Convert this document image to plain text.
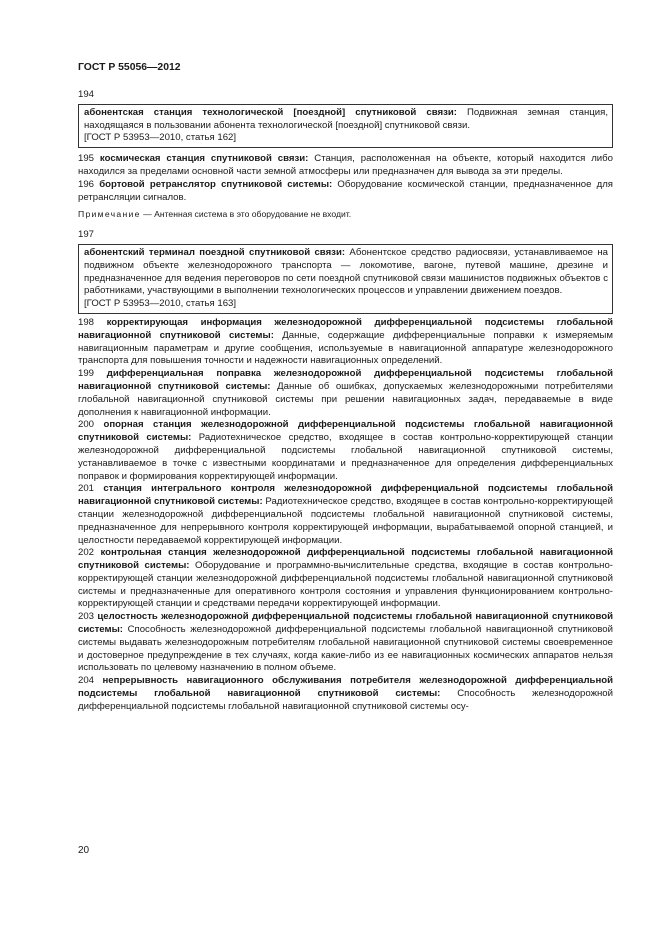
ГОСТ Р 55056—2012
194
абонентская станция технологической [поездной] спутниковой связи: Подвижная земная станция, находящаяся в пользовании абонента технологической [поездной] спутниковой связи.
[ГОСТ Р 53953—2010, статья 162]

195 космическая станция спутниковой связи: Станция, расположенная на объекте, который находится либо находился за пределами основной части земной атмосферы или предназначен для вывода за эти пределы.

196 бортовой ретранслятор спутниковой системы: Оборудование космической станции, предназначенное для ретрансляции сигналов.

Примечание — Антенная система в это оборудование не входит.

197
абонентский терминал поездной спутниковой связи: Абонентское средство радиосвязи, устанавливаемое на подвижном объекте железнодорожного транспорта — локомотиве, вагоне, путевой машине, дрезине и предназначенное для ведения переговоров по сети поездной спутниковой связи машинистов подвижных объектов с работниками, участвующими в выполнении технологических процессов и управлении движением поездов.
[ГОСТ Р 53953—2010, статья 163]

198 корректирующая информация железнодорожной дифференциальной подсистемы глобальной навигационной спутниковой системы: Данные, содержащие дифференциальные поправки к измеряемым навигационным параметрам и другие сообщения, используемые в навигационной аппаратуре железнодорожного транспорта для повышения точности и надежности навигационных определений.

199 дифференциальная поправка железнодорожной дифференциальной подсистемы глобальной навигационной спутниковой системы: Данные об ошибках, допускаемых железнодорожными потребителями глобальной навигационной спутниковой системы при решении навигационных задач, передаваемые в виде дополнения к навигационной информации.

200 опорная станция железнодорожной дифференциальной подсистемы глобальной навигационной спутниковой системы: Радиотехническое средство, входящее в состав контрольно-корректирующей станции железнодорожной дифференциальной подсистемы глобальной навигационной спутниковой системы, устанавливаемое в точке с известными координатами и предназначенное для определения дифференциальных поправок и формирования корректирующей информации.

201 станция интегрального контроля железнодорожной дифференциальной подсистемы глобальной навигационной спутниковой системы: Радиотехническое средство, входящее в состав контрольно-корректирующей станции железнодорожной дифференциальной подсистемы глобальной навигационной спутниковой системы, предназначенное для непрерывного контроля корректирующей информации, вырабатываемой опорной станцией, и целостности передаваемой корректирующей информации.

202 контрольная станция железнодорожной дифференциальной подсистемы глобальной навигационной спутниковой системы: Оборудование и программно-вычислительные средства, входящие в состав контрольно-корректирующей станции железнодорожной дифференциальной подсистемы глобальной навигационной спутниковой системы и предназначенные для оперативного контроля состояния и управления функционированием контрольно-корректирующей станции и средствами передачи корректирующей информации.

203 целостность железнодорожной дифференциальной подсистемы глобальной навигационной спутниковой системы: Способность железнодорожной дифференциальной подсистемы глобальной навигационной спутниковой системы выдавать железнодорожным потребителям глобальной навигационной спутниковой системы своевременное и достоверное предупреждение в тех случаях, когда какие-либо из ее навигационных космических аппаратов нельзя использовать по целевому назначению в полном объеме.

204 непрерывность навигационного обслуживания потребителя железнодорожной дифференциальной подсистемы глобальной навигационной спутниковой системы: Способность железнодорожной дифференциальной подсистемы глобальной навигационной спутниковой системы осу-

20
